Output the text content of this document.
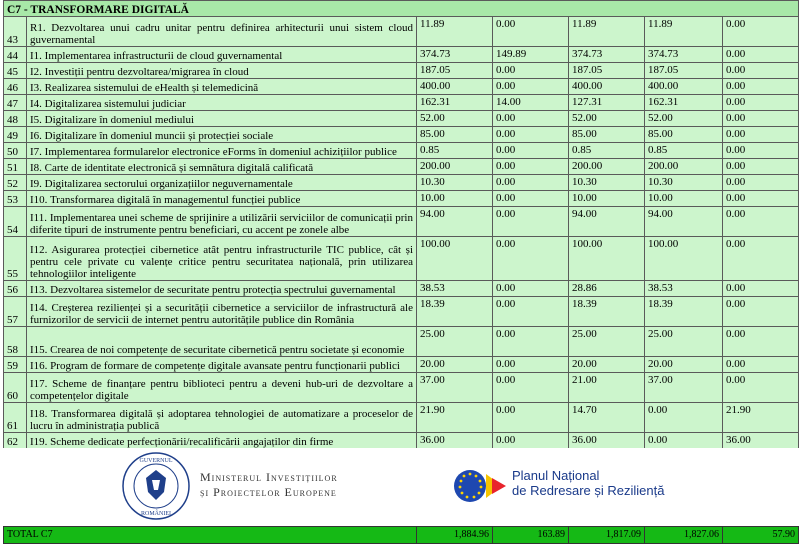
C7 - TRANSFORMARE DIGITALĂ						
43	R1. Dezvoltarea unui cadru unitar pentru definirea arhitecturii unui sistem cloud guvernamental	11.89	0.00	11.89	11.89	0.00
44	I1. Implementarea infrastructurii de cloud guvernamental	374.73	149.89	374.73	374.73	0.00
45	I2. Investiții pentru dezvoltarea/migrarea în cloud	187.05	0.00	187.05	187.05	0.00
46	I3. Realizarea sistemului de eHealth și telemedicină	400.00	0.00	400.00	400.00	0.00
47	I4. Digitalizarea sistemului judiciar	162.31	14.00	127.31	162.31	0.00
48	I5. Digitalizare în domeniul mediului	52.00	0.00	52.00	52.00	0.00
49	I6. Digitalizare în domeniul muncii și protecției sociale	85.00	0.00	85.00	85.00	0.00
50	I7. Implementarea formularelor electronice eForms în domeniul achizițiilor publice	0.85	0.00	0.85	0.85	0.00
51	I8. Carte de identitate electronică și semnătura digitală calificată	200.00	0.00	200.00	200.00	0.00
52	I9. Digitalizarea sectorului organizațiilor neguvernamentale	10.30	0.00	10.30	10.30	0.00
53	I10. Transformarea digitală în managementul funcției publice	10.00	0.00	10.00	10.00	0.00
54	I11. Implementarea unei scheme de sprijinire a utilizării serviciilor de comunicații prin diferite tipuri de instrumente pentru beneficiari, cu accent pe zonele albe	94.00	0.00	94.00	94.00	0.00
55	I12. Asigurarea protecției cibernetice atât pentru infrastructurile TIC publice, cât și pentru cele private cu valențe critice pentru securitatea națională, prin utilizarea tehnologiilor inteligente	100.00	0.00	100.00	100.00	0.00
56	I13. Dezvoltarea sistemelor de securitate pentru protecția spectrului guvernamental	38.53	0.00	28.86	38.53	0.00
57	I14. Creșterea rezilienței și a securității cibernetice a serviciilor de infrastructură ale furnizorilor de servicii de internet pentru autoritățile publice din România	18.39	0.00	18.39	18.39	0.00
58	I15. Crearea de noi competențe de securitate cibernetică pentru societate și economie	25.00	0.00	25.00	25.00	0.00
59	I16. Program de formare de competențe digitale avansate pentru funcționarii publici	20.00	0.00	20.00	20.00	0.00
60	I17. Scheme de finanțare pentru biblioteci pentru a deveni hub-uri de dezvoltare a competențelor digitale	37.00	0.00	21.00	37.00	0.00
61	I18. Transformarea digitală și adoptarea tehnologiei de automatizare a proceselor de lucru în administrația publică	21.90	0.00	14.70	0.00	21.90
62	I19. Scheme dedicate perfecționării/recalificării angajaților din firme	36.00	0.00	36.00	0.00	36.00
GUVERNUL
ROMÂNIEI
Ministerul Investițiilor
și Proiectelor Europene
Planul Național
de Redresare și Reziliență
TOTAL C7	1,884.96	163.89	1,817.09	1,827.06	57.90
